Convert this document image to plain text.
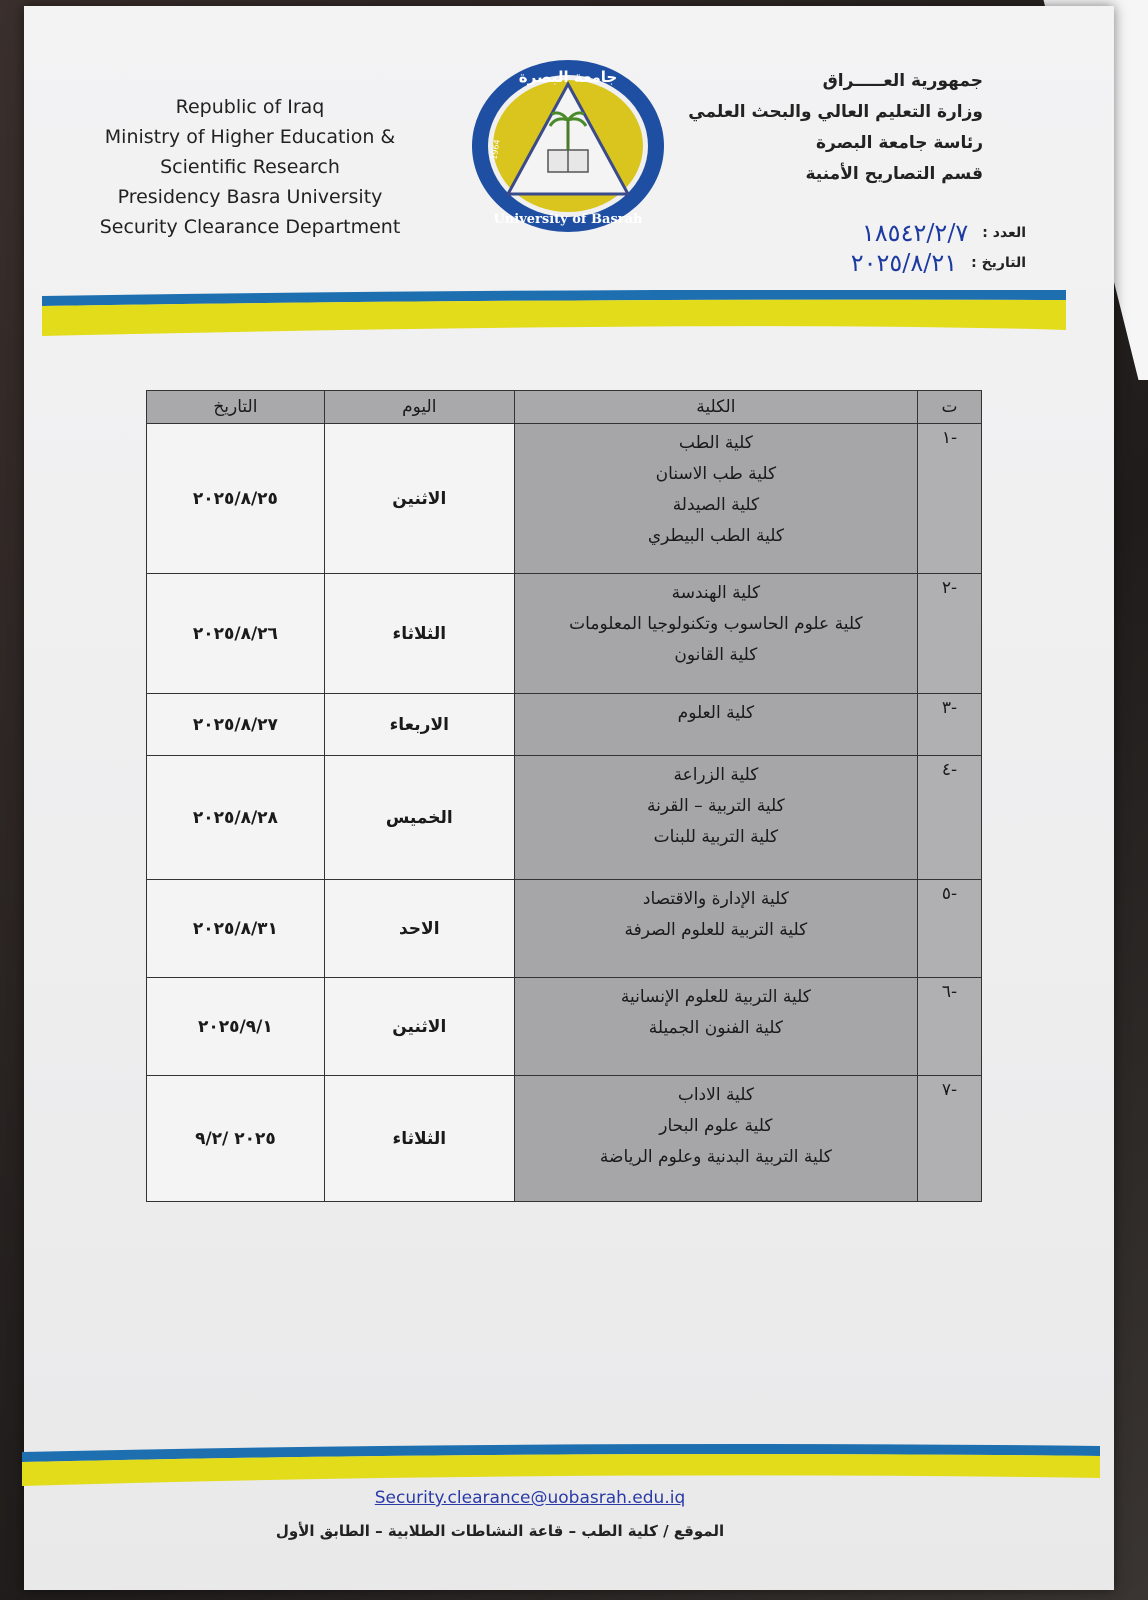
Republic of Iraq
Ministry of Higher Education &
Scientific Research
Presidency Basra University
Security Clearance Department
جامعة البصرة
University of Basrah
1964
جمهورية العـــــراق
وزارة التعليم العالي والبحث العلمي
رئاسة جامعة البصرة
قسم التصاريح الأمنية
العدد :
١٨٥٤٢/٢/٧
التاريخ :
٢٠٢٥/٨/٢١
ت	الكلية	اليوم	التاريخ
-١	كلية الطب
كلية طب الاسنان
كلية الصيدلة
كلية الطب البيطري	الاثنين	٢٠٢٥/٨/٢٥
-٢	كلية الهندسة
كلية علوم الحاسوب وتكنولوجيا المعلومات
كلية القانون	الثلاثاء	٢٠٢٥/٨/٢٦
-٣	كلية العلوم	الاربعاء	٢٠٢٥/٨/٢٧
-٤	كلية الزراعة
كلية التربية – القرنة
كلية التربية للبنات	الخميس	٢٠٢٥/٨/٢٨
-٥	كلية الإدارة والاقتصاد
كلية التربية للعلوم الصرفة	الاحد	٢٠٢٥/٨/٣١
-٦	كلية التربية للعلوم الإنسانية
كلية الفنون الجميلة	الاثنين	٢٠٢٥/٩/١
-٧	كلية الاداب
كلية علوم البحار
كلية التربية البدنية وعلوم الرياضة	الثلاثاء	٢٠٢٥ /٩/٢
Security.clearance@uobasrah.edu.iq
الموقع / كلية الطب – قاعة النشاطات الطلابية – الطابق الأول
